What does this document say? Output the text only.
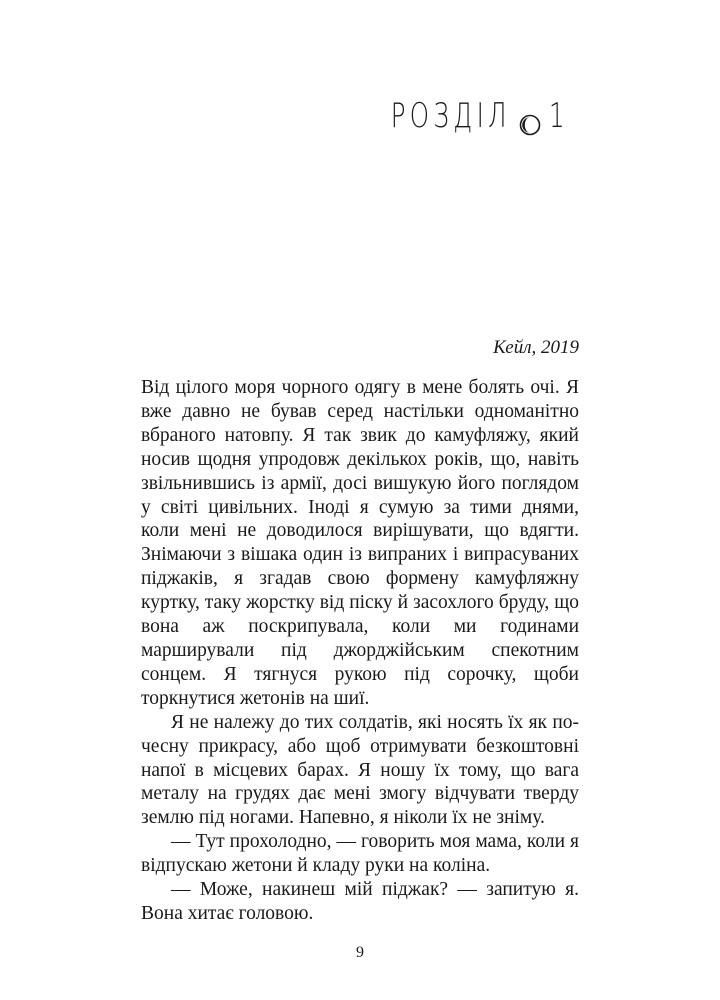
РОЗДІЛ 1
Кейл, 2019

Від цілого моря чорного одягу в мене болять очі. Я вже давно не бував серед настільки одноманітно вбраного натовпу. Я так звик до камуфляжу, який носив щодня упродовж декількох років, що, навіть звільнившись із армії, досі вишукую його поглядом у світі цивільних. Іноді я сумую за тими днями, коли мені не доводилося вирішувати, що вдягти. Знімаючи з вішака один із випраних і випрасуваних піджаків, я згадав свою формену камуфляжну куртку, таку жорстку від піску й засохлого бруду, що вона аж поскрипувала, коли ми годинами марширували під джорджійським спекотним сонцем. Я тягнуся рукою під сорочку, щоби торкнутися жетонів на шиї.

Я не належу до тих солдатів, які носять їх як почесну прикрасу, або щоб отримувати безкоштовні напої в місцевих барах. Я ношу їх тому, що вага металу на грудях дає мені змогу відчувати тверду землю під ногами. Напевно, я ніколи їх не зніму.

— Тут прохолодно, — говорить моя мама, коли я відпускаю жетони й кладу руки на коліна.

— Може, накинеш мій піджак? — запитую я. Вона хитає головою.

9
